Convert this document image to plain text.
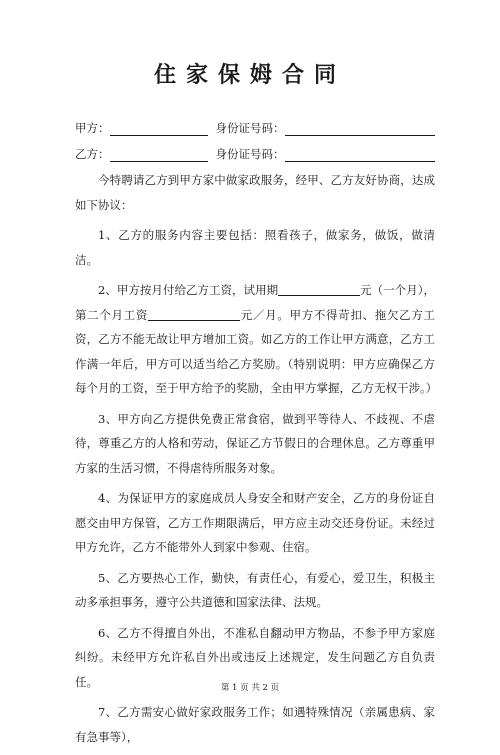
住家保姆合同
甲方：	身份证号码：
乙方：	身份证号码：

今特聘请乙方到甲方家中做家政服务，经甲、乙方友好协商，达成如下协议：

1、乙方的服务内容主要包括：照看孩子，做家务，做饭，做清洁。

2、甲方按月付给乙方工资，试用期	元（一个月），第二个月工资	元／月。甲方不得苛扣、拖欠乙方工资，乙方不能无故让甲方增加工资。如乙方的工作让甲方满意，乙方工作满一年后，甲方可以适当给乙方奖励。（特别说明：甲方应确保乙方每个月的工资，至于甲方给予的奖励，全由甲方掌握，乙方无权干涉。）

3、甲方向乙方提供免费正常食宿，做到平等待人、不歧视、不虐待，尊重乙方的人格和劳动，保证乙方节假日的合理休息。乙方尊重甲方家的生活习惯，不得虐待所服务对象。

4、为保证甲方的家庭成员人身安全和财产安全，乙方的身份证自愿交由甲方保管，乙方工作期限满后，甲方应主动交还身份证。未经过甲方允许，乙方不能带外人到家中参观、住宿。

5、乙方要热心工作，勤快，有责任心，有爱心，爱卫生，积极主动多承担事务，遵守公共道德和国家法律、法规。

6、乙方不得擅自外出，不准私自翻动甲方物品，不参予甲方家庭纠纷。未经甲方允许私自外出或违反上述规定，发生问题乙方自负责任。

7、乙方需安心做好家政服务工作；如遇特殊情况（亲属患病、家有急事等），

第 1 页 共 2 页
